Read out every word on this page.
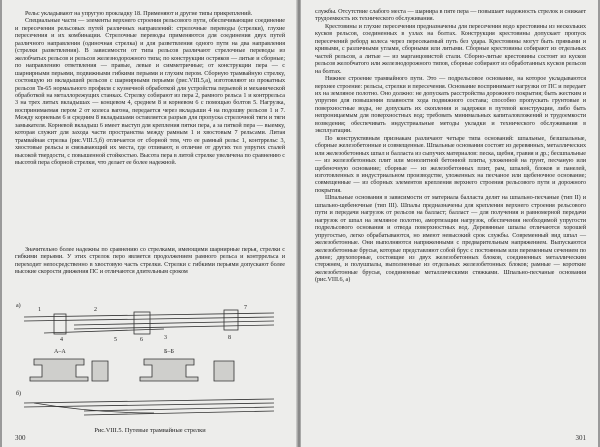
Рельс укладывают на упругую прокладку 18. Применяют и другие типы прикреплений.

Специальные части — элементы верхнего строения рельсового пути, обеспечивающие соединение и пересечения рельсовых путей различных направлений: стрелочные переводы (стрелки), глухие пересечения и их комбинации. Стрелочные переводы применяются для соединения двух путей различного направления (одиночная стрелка) и для разветвления одного пути на два направления (стрелки разветвления). В зависимости от типа рельсов различают стрелочные переводы из желобчатых рельсов и рельсов железнодорожного типа; по конструкции остряков — литые и сборные; по направлению ответвления — правые, левые и симметричные; от конструкции пера — с шарнирными перьями, подвижными гибкими перьями и глухим пером. Сборную трамвайную стрелку, состоящую из вкладышей рельсов с шарнирными перьями (рис.VIII.5,а), изготовляют из прокатных рельсов Тв-65 нормального профиля с кузнечной обработкой для устройства перьевой и механической обработкой на металлорежущих станках. Стрелку собирают из пера 2, рамного рельса 1 и контррельса 3 на трех литых вкладышах — концевом 4, среднем 8 и корневом 6 с помощью болтов 5. Нагрузка, воспринимаемая пером 2 от колеса вагона, передается через вкладыши 4 на подошву рельсов 1 и 7. Между корневым 6 и средним 8 вкладышами оставляется разрыв для пропуска стрелочной тяги и тяги замыкателя. Корневой вкладыш 6 имеет выступ для крепления пятки пера, а за пяткой пера — выемку, которая служит для захода части пространства между рамным 1 и хвостовым 7 рельсами. Литая трамвайная стрелка (рис.VIII.5,б) отличается от сборной тем, что ее рамный рельс 1, контррельс 3, хвостовые рельсы и связывающий их места, где отливают, в отличие от других тел упругих сталей высокой твердости, с повышенной стойкостью. Высота пера в литой стрелке увеличена по сравнению с высотой пера сборной стрелки, что делает ее более надежной.

Значительно более надежны по сравнению со стрелками, имеющими шарнирные перья, стрелки с гибкими перьями. У этих стрелок перо является продолжением рамного рельса и контррельса и переходит непосредственно в хвостовую часть стрелки. Стрелки с гибкими перьями допускают более высокие скорости движения ПС и отличаются длительным сроком

а)
1	2
3
4	5	6
7
8
А–А	Б–Б
б)
Рис.VIII.5. Путевые трамвайные стрелки
300

службы. Отсутствие слабого места — шарнира в пяте пера — повышает надежность стрелок и снижает трудоемкость их технического обслуживания.

Крестовины и глухие пересечения предназначены для пересечения водо крестовины из нескольких кусков рельсов, соединенных в узлах на болтах. Конструкция крестовины допускает пропуск пересечений реборд колеса через пересекаемый путь без удара. Крестовины могут быть прямыми и кривыми, с различными углами, сборными или литыми. Сборные крестовины собирают из отдельных частей рельсов, а литые — из марганцовистой стали. Сборно-литые крестовины состоят из кусков рельсов желобчатого или железнодорожного типов, сборные собирают из обработанных кусков рельсов на болтах.

Нижнее строение трамвайного пути. Это — подрельсовое основание, на которое укладываются верхнее строение: рельсы, стрелки и пересечения. Основание воспринимает нагрузки от ПС и передает их на земляное полотно. Оно должно: не допускать расстройства дорожного покрытия; быть жестким и упругим для повышения плавности хода подвижного состава; способно пропускать грунтовые и поверхностные воды, не допускать их скопления и задержки в путевой конструкции, либо быть непроницаемым для поверхностных вод; требовать минимальных капиталовложений и трудоемкости возведения; обеспечивать индустриальные методы укладки и технического обслуживания в эксплуатации.

По конструктивным признакам различают четыре типа оснований: шпальные, безшпальные, сборные железобетонные и совмещенные. Шпальные основания состоят из деревянных, металлических или железобетонных шпал и балласта из сыпучих материалов: песка, щебня, гравия и др.; бесшпальные — из железобетонных плит или монолитной бетонной плиты, уложенной на грунт, песчаную или щебеночную основание; сборные — из железобетонных плит, рам, шпалей, блоков и панелей, изготовленных в индустриальном производстве, уложенных на песчаное или щебеночное основание; совмещенные — из сборных элементов крепления верхнего строения рельсового пути и дорожного покрытия.

Шпальные основания в зависимости от материала балласта делят на шпально-песчаные (тип II) и шпально-щебеночные (тип III). Шпалы предназначены для крепления верхнего строения рельсового пути и передачи нагрузок от рельсов на балласт; балласт — для получения и равномерной передачи нагрузок от шпал на земляное полотно, амортизации нагрузок, обеспечения необходимой упругости подрельсового основания и отвода поверхностных вод. Деревянные шпалы отличаются хорошей упругостью, легко обрабатываются, но имеют невысокий срок службы. Современный вид шпал — железобетонные. Они выполняются напряженными с предварительным напряжением. Выпускаются железобетонные брусья, которые представляют собой брус с постоянным или переменным сечением по длине; двухопорные, состоящие из двух железобетонных блоков, соединенных металлическим стержнем, и полушпалы, выполненные из отдельных железобетонных блоков; рамные — короткие железобетонные брусья, соединенные металлическими стяжками. Шпально-песчаные основания (рис.VIII.6, а)

301
